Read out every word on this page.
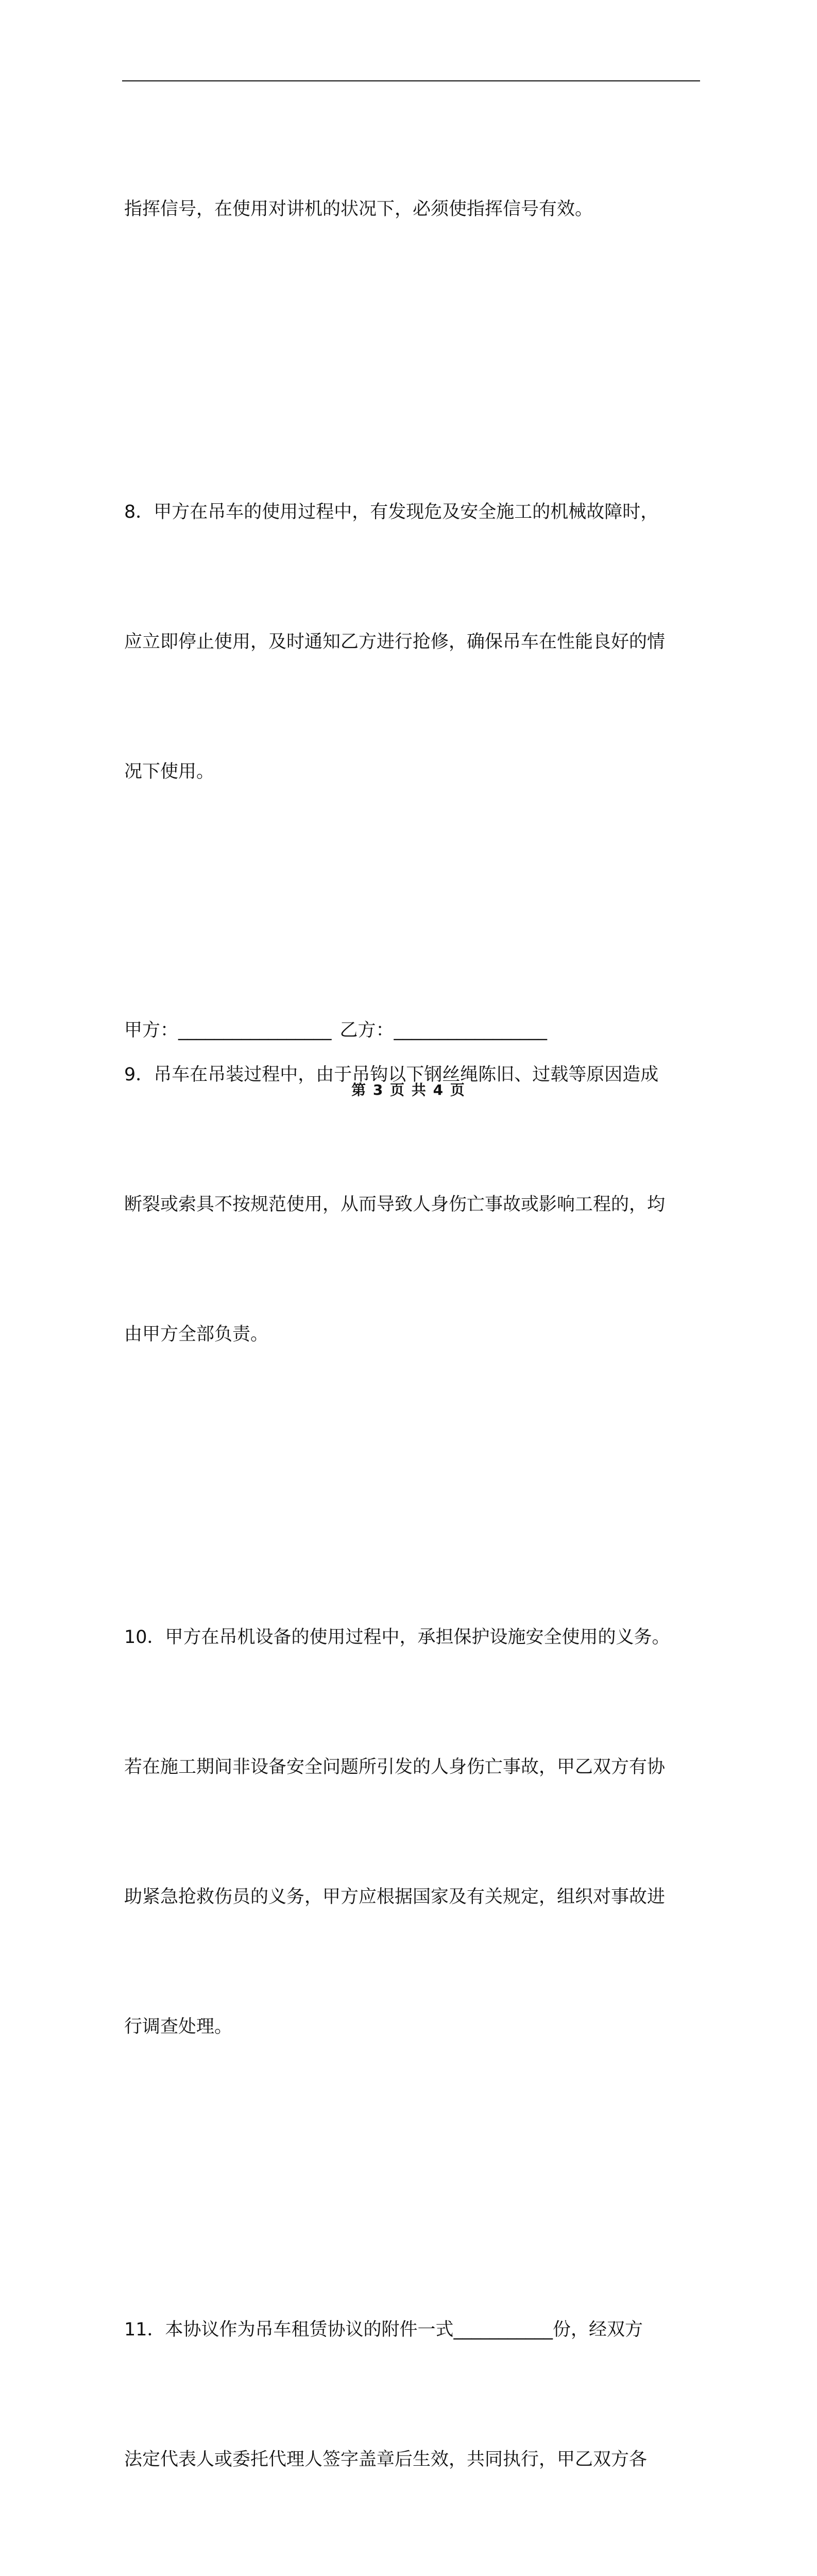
指挥信号，在使用对讲机的状况下，必须使指挥信号有效。

8．甲方在吊车的使用过程中，有发现危及安全施工的机械故障时，

应立即停止使用，及时通知乙方进行抢修，确保吊车在性能良好的情

况下使用。

9．吊车在吊装过程中，由于吊钩以下钢丝绳陈旧、过载等原因造成

断裂或索具不按规范使用，从而导致人身伤亡事故或影响工程的，均

由甲方全部负责。

10．甲方在吊机设备的使用过程中，承担保护设施安全使用的义务。

若在施工期间非设备安全问题所引发的人身伤亡事故，甲乙双方有协

助紧急抢救伤员的义务，甲方应根据国家及有关规定，组织对事故进

行调查处理。

11．本协议作为吊车租赁协议的附件一式___________份，经双方

法定代表人或委托代理人签字盖章后生效，共同执行，甲乙双方各

甲方：_________________ 乙方：_________________
第 3 页 共 4 页
